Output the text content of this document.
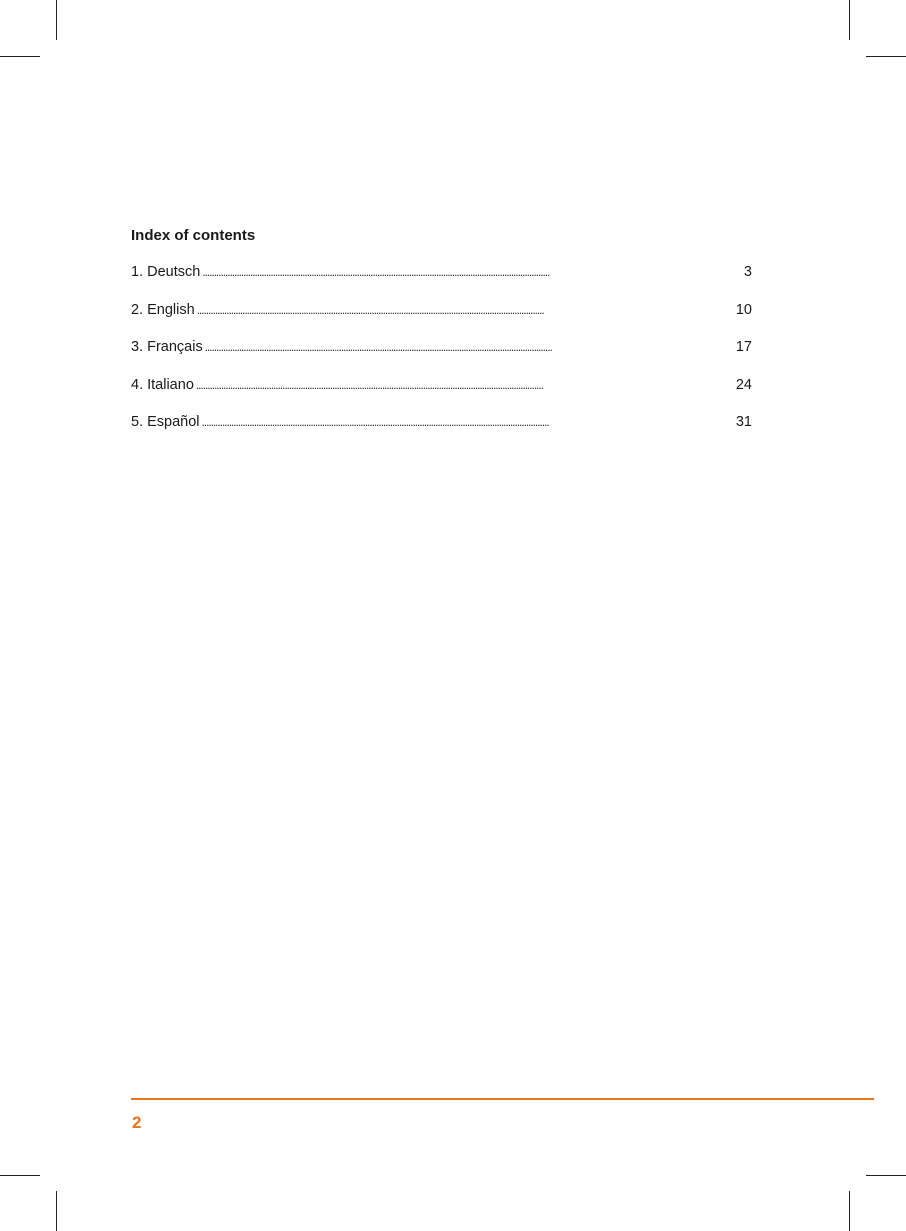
Index of contents
1. Deutsch . . .	3
2. English . . .	10
3. Français . . .	17
4. Italiano . . .	24
5. Español . . .	31
2
